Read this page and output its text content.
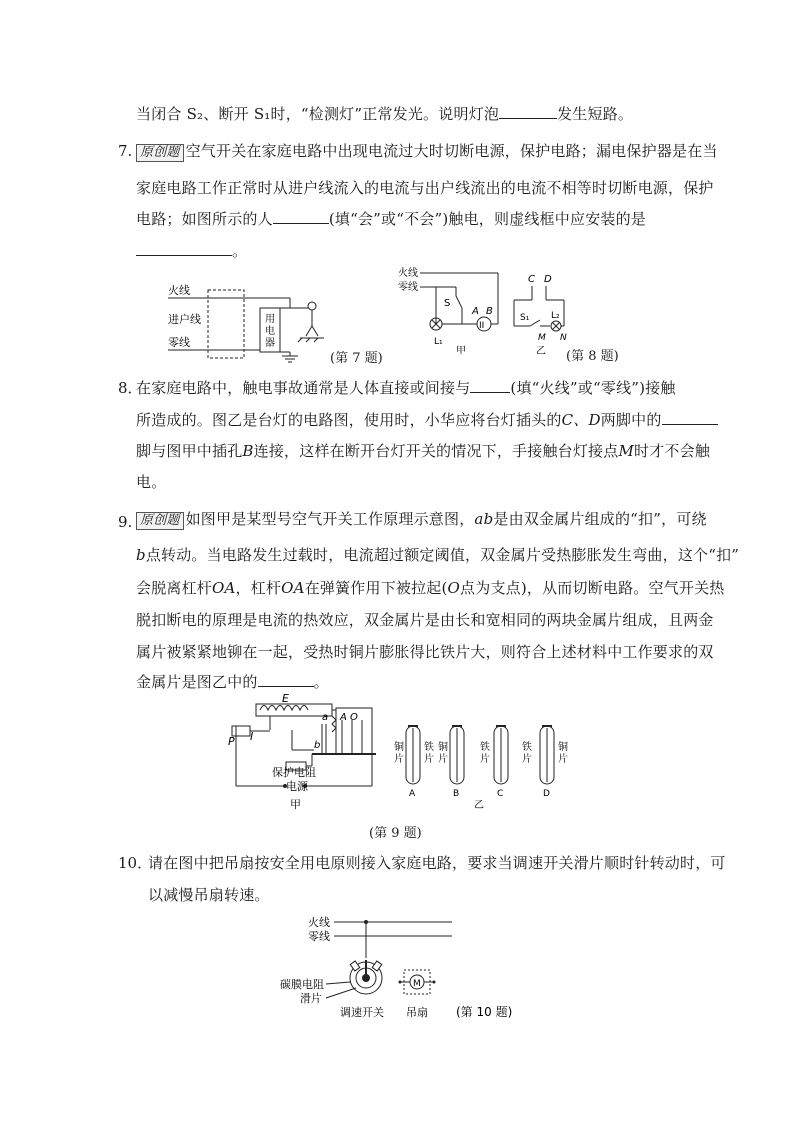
当闭合 S₂、断开 S₁时，“检测灯”正常发光。说明灯泡	发生短路。
7. 原创题 空气开关在家庭电路中出现电流过大时切断电源，保护电路；漏电保护器是在当
家庭电路工作正常时从进户线流入的电流与出户线流出的电流不相等时切断电源，保护
电路；如图所示的人	(填“会”或“不会”)触电，则虚线框中应安装的是
。
火线
进户线
零线
用
电
器
(第 7 题)
火线
零线
S
L₁
II
A B
甲
C D
S₁ L₂
M N
乙 (第 8 题)
8．
在家庭电路中，触电事故通常是人体直接或间接与	(填“火线”或“零线”)接触
所造成的。图乙是台灯的电路图，使用时，小华应将台灯插头的C、D两脚中的
脚与图甲中插孔B连接，这样在断开台灯开关的情况下，手接触台灯接点M时才不会触
电。
9. 原创题 如图甲是某型号空气开关工作原理示意图，ab是由双金属片组成的“扣”，可绕
b点转动。当电路发生过载时，电流超过额定阈值，双金属片受热膨胀发生弯曲，这个“扣”
会脱离杠杆OA，杠杆OA在弹簧作用下被拉起(O点为支点)，从而切断电路。空气开关热
脱扣断电的原理是电流的热效应，双金属片是由长和宽相同的两块金属片组成，且两金
属片被紧紧地铆在一起，受热时铜片膨胀得比铁片大，则符合上述材料中工作要求的双
金属片是图乙中的	。
E
I
P
a A O
b
保护电阻
电源
甲
铜
片
铁
片
A
铜
片
B
铁
片
C
铁
片
铜
片
D
乙
(第 9 题)
10．
请在图中把吊扇按安全用电原则接入家庭电路，要求当调速开关滑片顺时针转动时，可
以减慢吊扇转速。
火线
零线
碳膜电阻
滑片
调速开关
M
吊扇 (第 10 题)
